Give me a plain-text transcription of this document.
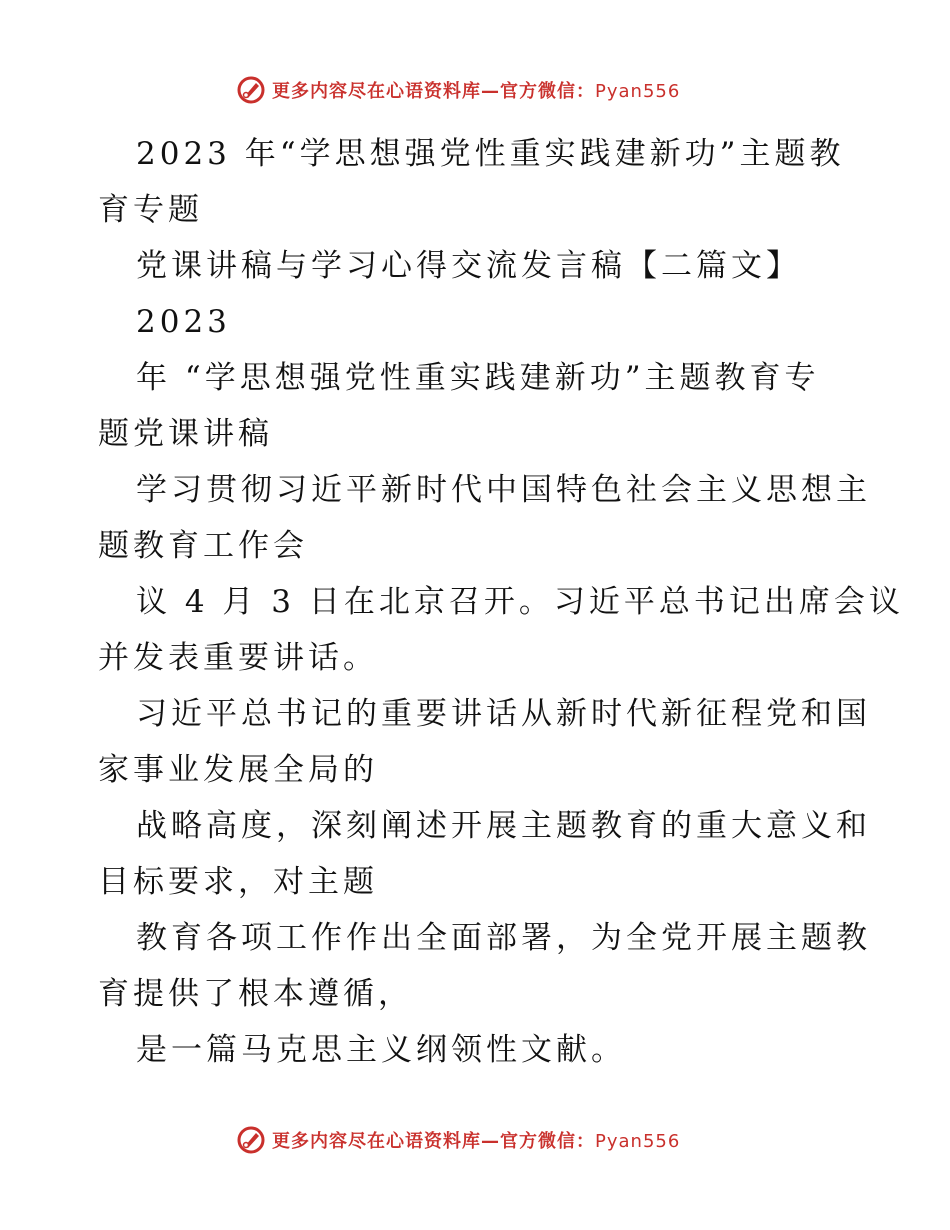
更多内容尽在心语资料库—官方微信：Pyan556
2023 年“学思想强党性重实践建新功”主题教
育专题
党课讲稿与学习心得交流发言稿【二篇文】
2023
年 “学思想强党性重实践建新功”主题教育专
题党课讲稿
学习贯彻习近平新时代中国特色社会主义思想主
题教育工作会
议 4 月 3 日在北京召开。习近平总书记出席会议
并发表重要讲话。
习近平总书记的重要讲话从新时代新征程党和国
家事业发展全局的
战略高度，深刻阐述开展主题教育的重大意义和
目标要求，对主题
教育各项工作作出全面部署，为全党开展主题教
育提供了根本遵循，
是一篇马克思主义纲领性文献。
更多内容尽在心语资料库—官方微信：Pyan556
